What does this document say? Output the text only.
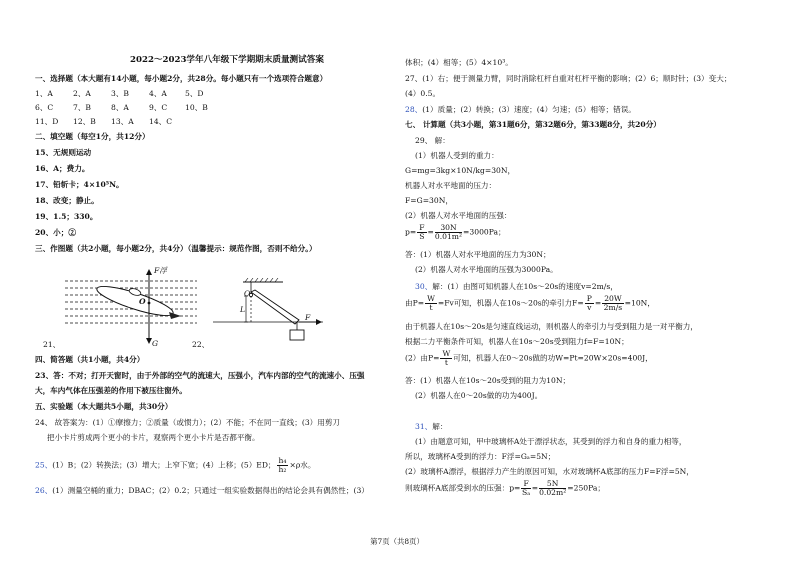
2022～2023学年八年级下学期期末质量测试答案
一、选择题（本大题有14小题，每小题2分，共28分。每小题只有一个选项符合题意）
1、A	2、A	3、B	4、A 5、D
6、C	7、B	8、A	9、C 10、B
11、D 12、B 13、A 14、C
二、填空题（每空1分，共12分）
15、无规则运动
16、A；费力。
17、铅斩卡；4×10⁵N。
18、改变；静止。
19、1.5；330。
20、小；②
三、作图题（共2小题，每小题2分，共4分）（温馨提示：规范作图，否则不给分。）
F浮
O
G
21、	22、
O
L
F
四、简答题（共1小题，共4分）
23、答：不对；打开天窗时，由于外部的空气的流速大，压强小，汽车内部的空气的流速小、压强
大，车内气体在压强差的作用下被压往窗外。
五、实验题（本大题共5小题，共30分）
24、 故答案为：(1）①摩擦力；②质量（或惯力）；(2）不能；不在同一直线；(3）用剪刀
把小卡片剪成两个更小的卡片，观察两个更小卡片是否都平衡。
25、(1）B；(2）转换法；(3）增大；上窄下宽；(4）上移；(5）ED； $\frac{\text{h₄}}{\text{h₂}} \times\rho$水。
26、(1）测量空桶的重力；DBAC；(2）0.2；只通过一组实验数据得出的结论会具有偶然性；(3）
体积；(4）相等；(5）4×10³。
27、(1）右；便于测量力臂，同时消除杠杆自重对杠杆平衡的影响；(2）6；顺时针；(3）变大；
(4）0.5。
28、(1）质量；(2）转换；(3）速度；(4）匀速；(5）相等；错误。
七、 计算题（共3小题，第31题6分，第32题6分，第33题8分，共20分）
29、 解：
(1）机器人受到的重力：
G=mg=3kg×10N/kg=30N，
机器人对水平地面的压力：
F=G=30N，
(2）机器人对水平地面的压强：
$p= \frac{F}{S} = \frac{30N}{\text{0.01m²}} =3000Pa$；
答：(1）机器人对水平地面的压力为30N；
(2）机器人对水平地面的压强为3000Pa。
30、解：(1）由图可知机器人在10s～20s的速度v=2m/s，
由$P= \frac{W}{t} =Fv$可知，机器人在10s～20s的牵引力$F= \frac{P}{v} = \frac{20W}{2m/s} =10N$，
由于机器人在10s～20s是匀速直线运动，则机器人的牵引力与受到阻力是一对平衡力，
根据二力平衡条件可知，机器人在10s～20s受到阻力f=F=10N；
(2）由$P= \frac{W}{t}$ 可知，机器人在0～20s做的功W=Pt=20W×20s=400J，
答：(1）机器人在10s～20s受到的阻力为10N；
(2）机器人在0～20s做的功为400J。
31、解：
(1）由题意可知，甲中玻璃杯A处于漂浮状态，其受到的浮力和自身的重力相等，
所以，玻璃杯A受到的浮力：F浮=Gₐ=5N；
(2）玻璃杯A漂浮，根据浮力产生的原因可知，水对玻璃杯A底部的压力F=F浮=5N，
则玻璃杯A底部受到水的压强：$p= \frac{F}{\text{Sₐ}} = \frac{5N}{\text{0.02m²}} =250Pa$；
第7页（共8页）
